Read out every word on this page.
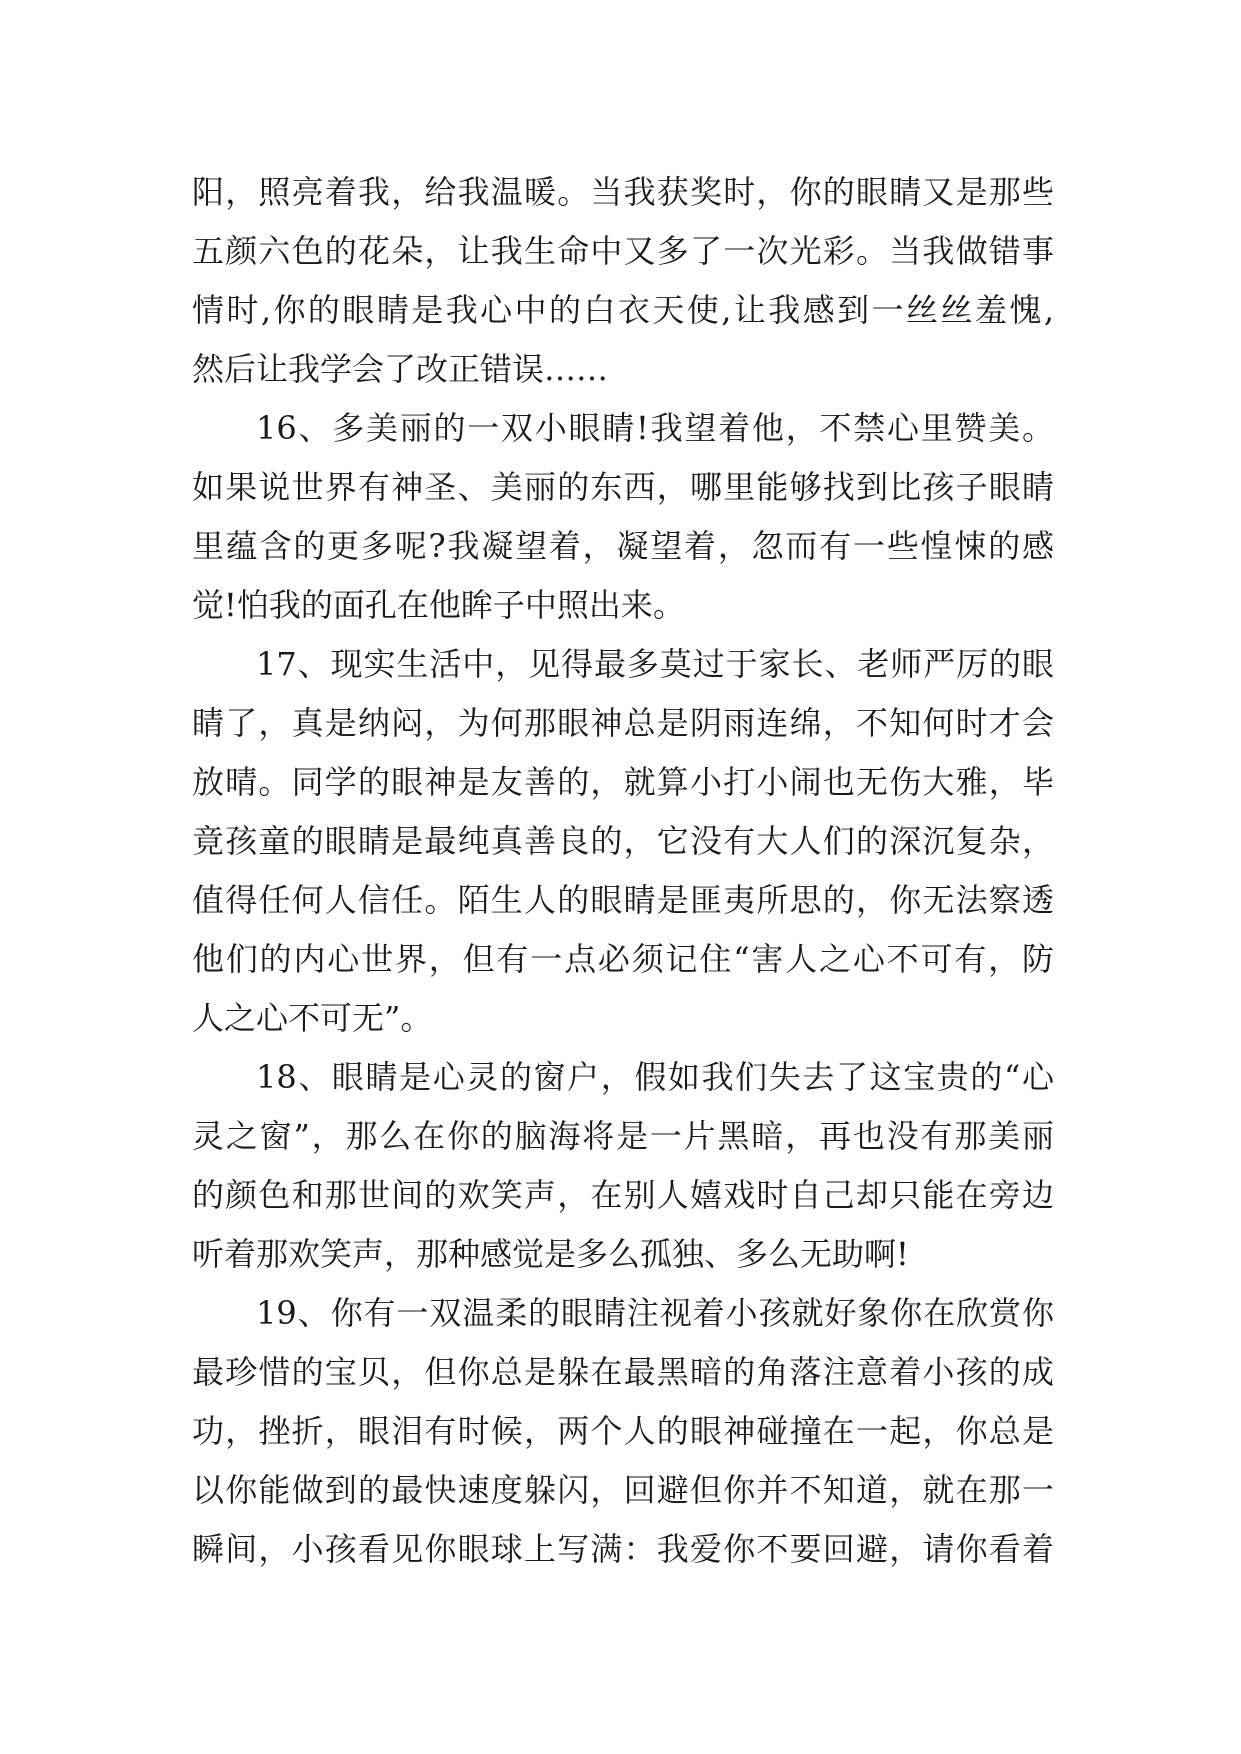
阳，照亮着我，给我温暖。当我获奖时，你的眼睛又是那些
五颜六色的花朵，让我生命中又多了一次光彩。当我做错事
情时,你的眼睛是我心中的白衣天使,让我感到一丝丝羞愧,
然后让我学会了改正错误……
16、多美丽的一双小眼睛!我望着他，不禁心里赞美。
如果说世界有神圣、美丽的东西，哪里能够找到比孩子眼睛
里蕴含的更多呢?我凝望着，凝望着，忽而有一些惶悚的感
觉!怕我的面孔在他眸子中照出来。
17、现实生活中，见得最多莫过于家长、老师严厉的眼
睛了，真是纳闷，为何那眼神总是阴雨连绵，不知何时才会
放晴。同学的眼神是友善的，就算小打小闹也无伤大雅，毕
竟孩童的眼睛是最纯真善良的，它没有大人们的深沉复杂，
值得任何人信任。陌生人的眼睛是匪夷所思的，你无法察透
他们的内心世界，但有一点必须记住“害人之心不可有，防
人之心不可无”。
18、眼睛是心灵的窗户，假如我们失去了这宝贵的“心
灵之窗”，那么在你的脑海将是一片黑暗，再也没有那美丽
的颜色和那世间的欢笑声，在别人嬉戏时自己却只能在旁边
听着那欢笑声，那种感觉是多么孤独、多么无助啊!
19、你有一双温柔的眼睛注视着小孩就好象你在欣赏你
最珍惜的宝贝，但你总是躲在最黑暗的角落注意着小孩的成
功，挫折，眼泪有时候，两个人的眼神碰撞在一起，你总是
以你能做到的最快速度躲闪，回避但你并不知道，就在那一
瞬间，小孩看见你眼球上写满：我爱你不要回避，请你看着
